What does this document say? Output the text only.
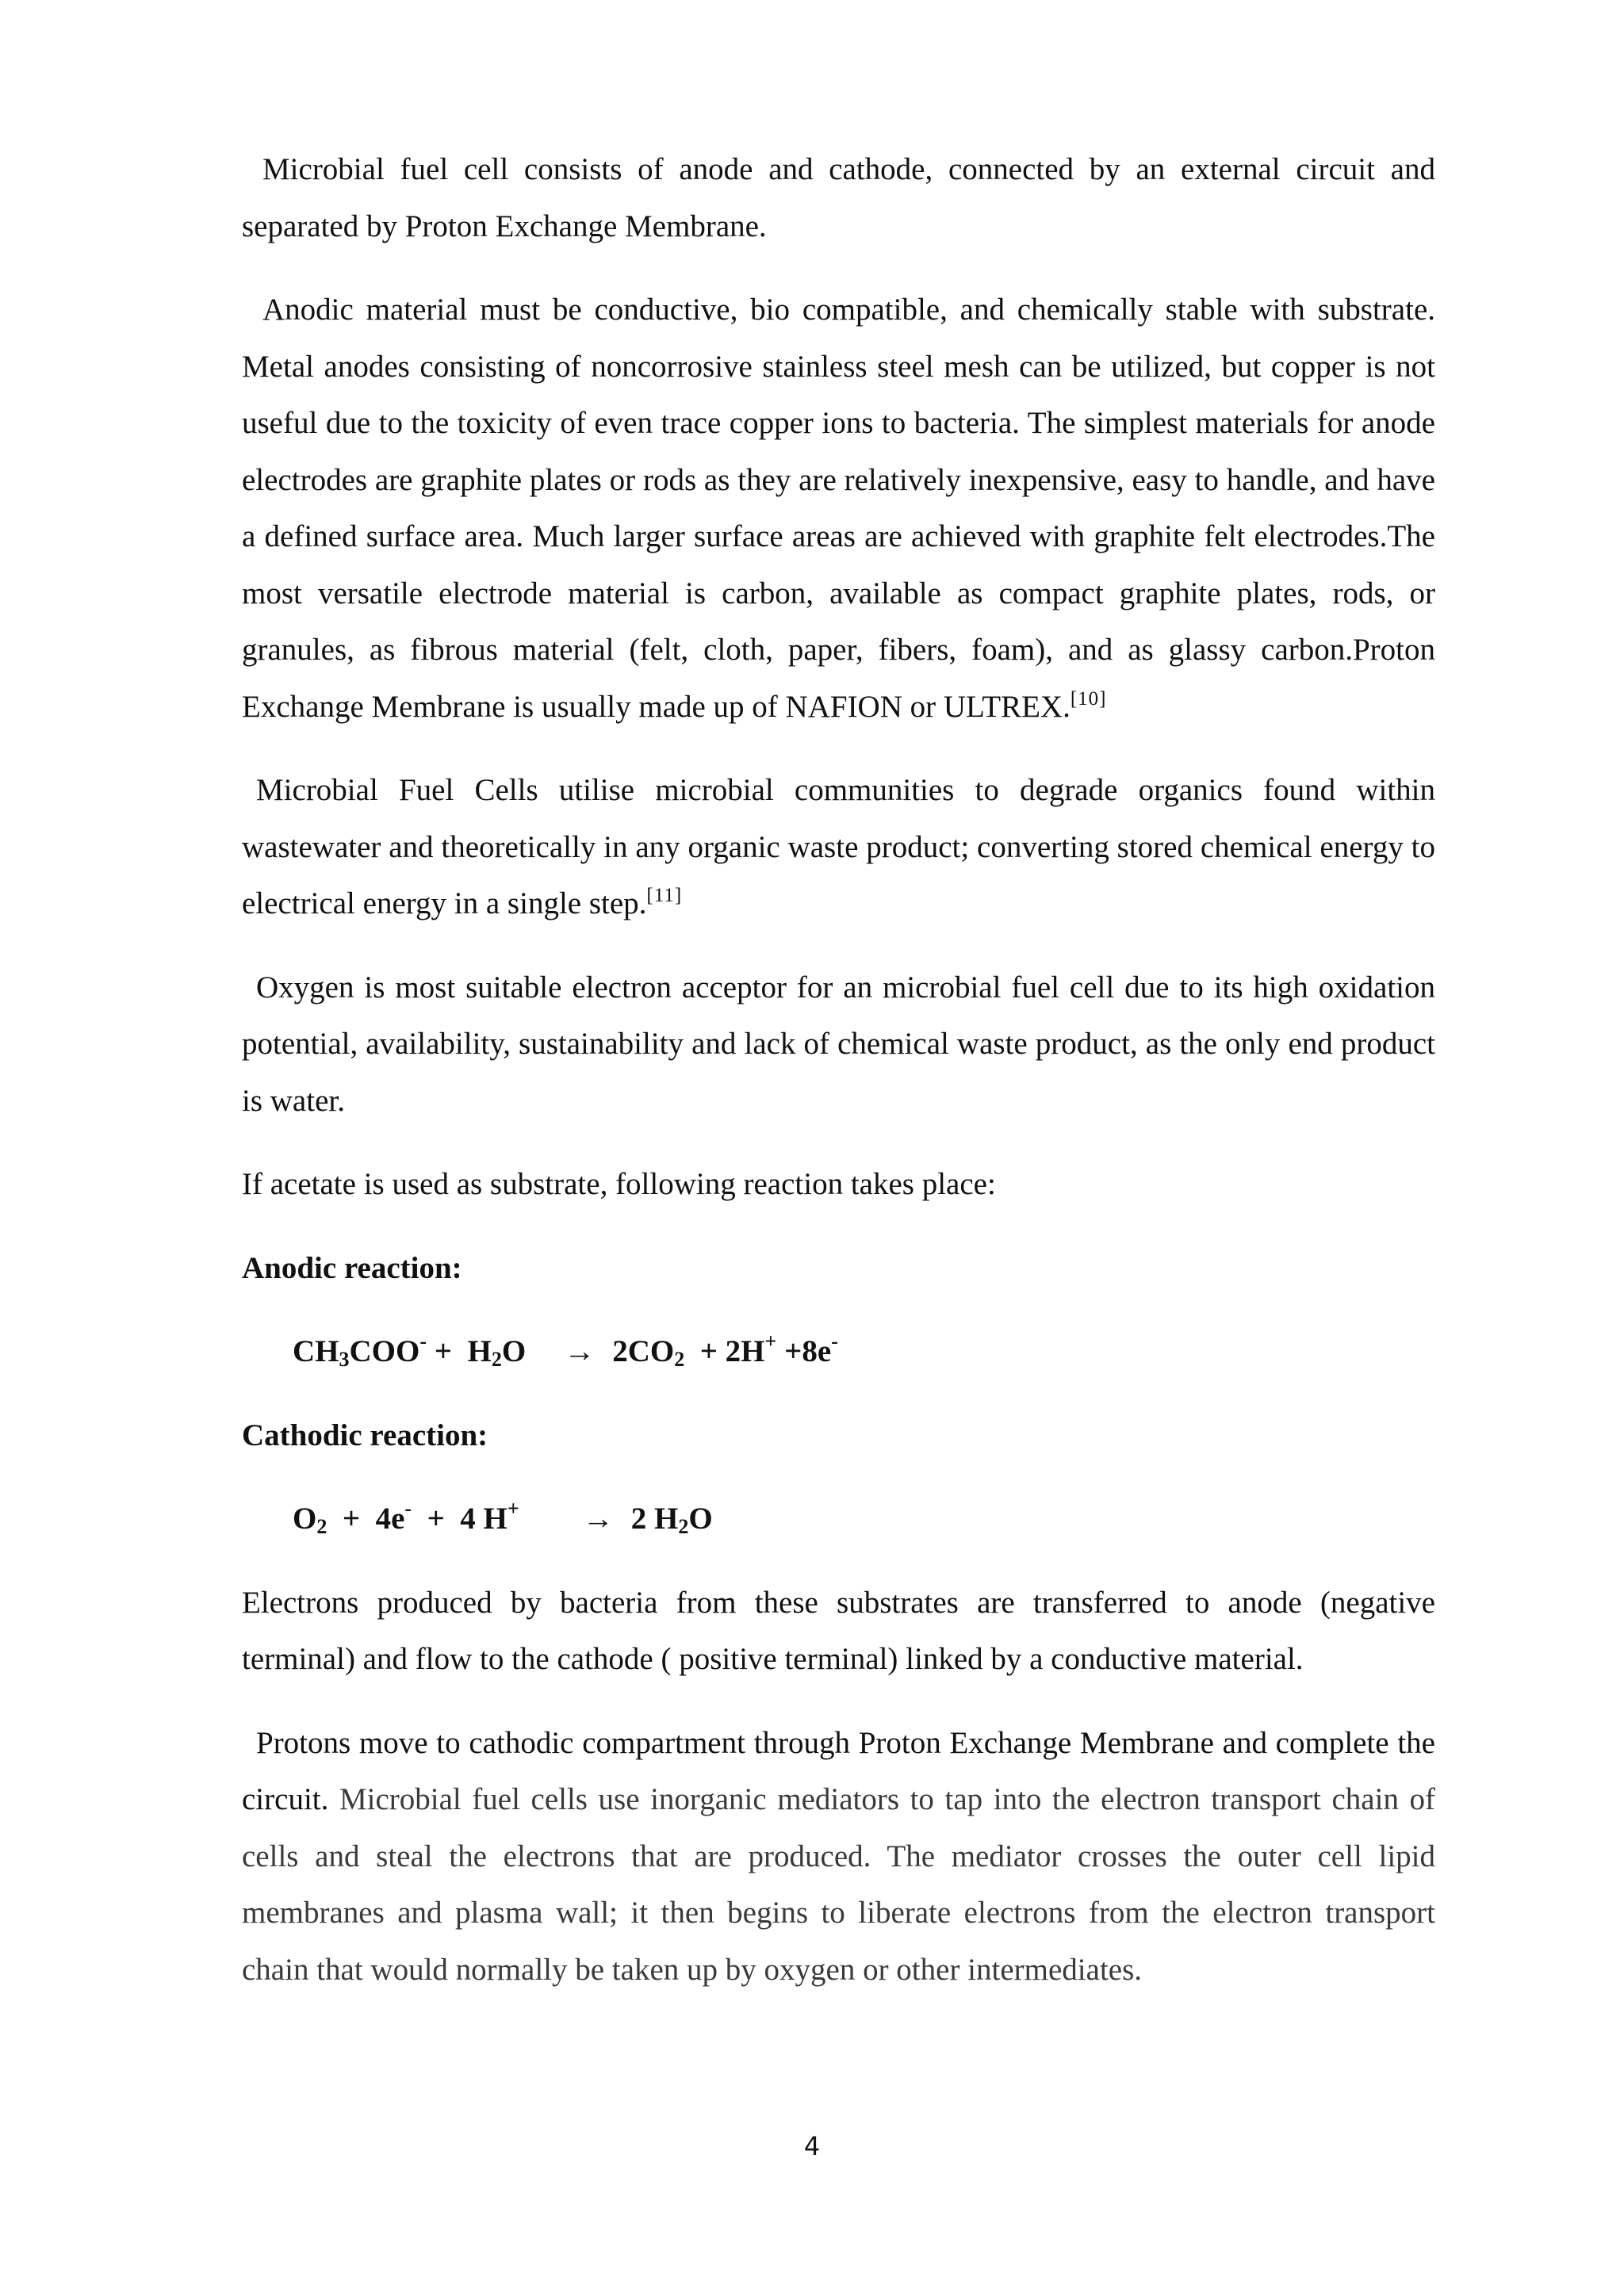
Microbial fuel cell consists of anode and cathode, connected by an external circuit and separated by Proton Exchange Membrane.

Anodic material must be conductive, bio compatible, and chemically stable with substrate. Metal anodes consisting of noncorrosive stainless steel mesh can be utilized, but copper is not useful due to the toxicity of even trace copper ions to bacteria. The simplest materials for anode electrodes are graphite plates or rods as they are relatively inexpensive, easy to handle, and have a defined surface area. Much larger surface areas are achieved with graphite felt electrodes.The most versatile electrode material is carbon, available as compact graphite plates, rods, or granules, as fibrous material (felt, cloth, paper, fibers, foam), and as glassy carbon.Proton Exchange Membrane is usually made up of NAFION or ULTREX.[10]

Microbial Fuel Cells utilise microbial communities to degrade organics found within wastewater and theoretically in any organic waste product; converting stored chemical energy to electrical energy in a single step.[11]

Oxygen is most suitable electron acceptor for an microbial fuel cell due to its high oxidation potential, availability, sustainability and lack of chemical waste product, as the only end product is water.

If acetate is used as substrate, following reaction takes place:

Anodic reaction:
$CH_3COO^- + H_2O \to 2CO_2 + 2H^+ +8e^-$
Cathodic reaction:
$O_2 + 4e^- + 4$ H+ → 2 $H_2O$

Electrons produced by bacteria from these substrates are transferred to anode (negative terminal) and flow to the cathode ( positive terminal) linked by a conductive material.

Protons move to cathodic compartment through Proton Exchange Membrane and complete the circuit. Microbial fuel cells use inorganic mediators to tap into the electron transport chain of cells and steal the electrons that are produced. The mediator crosses the outer cell lipid membranes and plasma wall; it then begins to liberate electrons from the electron transport chain that would normally be taken up by oxygen or other intermediates.

4
